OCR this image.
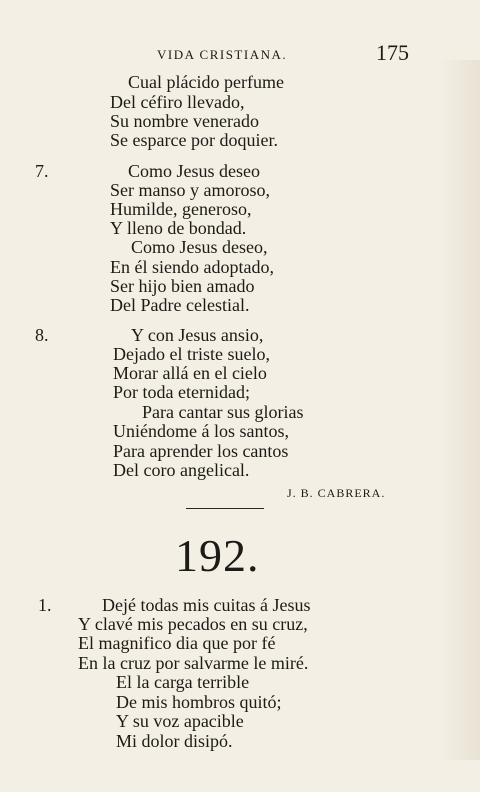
VIDA CRISTIANA.	175
Cual plácido perfume
Del céfiro llevado,
Su nombre venerado
Se esparce por doquier.
7.	Como Jesus deseo
Ser manso y amoroso,
Humilde, generoso,
Y lleno de bondad.
Como Jesus deseo,
En él siendo adoptado,
Ser hijo bien amado
Del Padre celestial.
8.	Y con Jesus ansio,
Dejado el triste suelo,
Morar allá en el cielo
Por toda eternidad;
Para cantar sus glorias
Uniéndome á los santos,
Para aprender los cantos
Del coro angelical.
J. B. CABRERA.
192.
1.	Dejé todas mis cuitas á Jesus
Y clavé mis pecados en su cruz,
El magnifico dia que por fé
En la cruz por salvarme le miré.
El la carga terrible
De mis hombros quitó;
Y su voz apacible
Mi dolor disipó.
